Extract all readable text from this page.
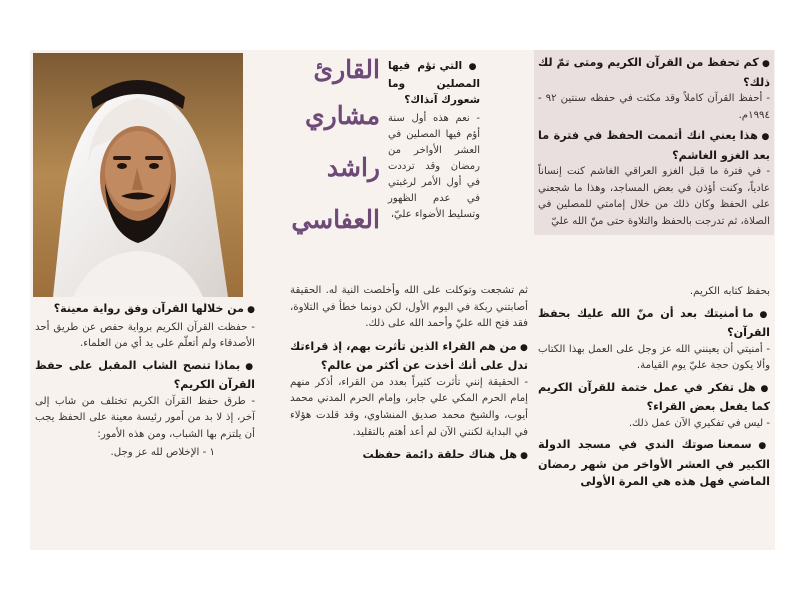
● كم تحفظ من القرآن الكريم ومتى تمّ لك ذلك؟

- أحفظ القرآن كاملاً وقد مكثت في حفظه سنتين ٩٢ - ١٩٩٤م.

● هذا يعني انك أتممت الحفظ في فترة ما بعد الغزو الغاشم؟

- في فترة ما قبل الغزو العراقي الغاشم كنت إنساناً عادياً، وكنت أؤذن في بعض المساجد، وهذا ما شجعني على الحفظ وكان ذلك من خلال إمامتي للمصلين في الصلاة، ثم تدرجت بالحفظ والتلاوة حتى منّ الله عليّ

بحفظ كتابه الكريم.

● ما أمنيتك بعد أن منّ الله عليك بحفظ القرآن؟

- أمنيتي أن يعينني الله عز وجل على العمل بهذا الكتاب وألا يكون حجة عليّ يوم القيامة.

● هل تفكر في عمل ختمة للقرآن الكريم كما يفعل بعض القراء؟

- ليس في تفكيري الآن عمل ذلك.

● سمعنا صوتك الندي في مسجد الدولة الكبير في العشر الأواخر من شهر رمضان الماضي فهل هذه هي المرة الأولى

القارئ
مشاري
راشد
العفاسي

● التي تؤم فيها المصلين وما شعورك آنذاك؟

- نعم هذه أول سنة أؤم فيها المصلين في العشر الأواخر من رمضان وقد ترددت في أول الأمر لرغبتي في عدم الظهور وتسليط الأضواء عليّ،

ثم تشجعت وتوكلت على الله وأخلصت النية له. الحقيقة أصابتني ربكة في اليوم الأول، لكن دونما خطأ في التلاوة، فقد فتح الله عليّ وأحمد الله على ذلك.

● من هم القراء الذين تأثرت بهم، إذ قراءتك تدل على أنك أخذت عن أكثر من عالم؟

- الحقيقة إنني تأثرت كثيراً بعدد من القراء، أذكر منهم إمام الحرم المكي علي جابر، وإمام الحرم المدني محمد أيوب، والشيخ محمد صديق المنشاوي، وقد قلدت هؤلاء في البداية لكنني الآن لم أعد أهتم بالتقليد.

● هل هناك حلقة دائمة حفظت

● من خلالها القرآن وفق رواية معينة؟

- حفظت القرآن الكريم برواية حفص عن طريق أحد الأصدقاء ولم أتعلّم على يد أي من العلماء.

● بماذا تنصح الشاب المقبل على حفظ القرآن الكريم؟

- طرق حفظ القرآن الكريم تختلف من شاب إلى آخر، إذ لا بد من أمور رئيسة معينة على الحفظ يجب أن يلتزم بها الشباب، ومن هذه الأمور:

١ - الإخلاص لله عز وجل.
